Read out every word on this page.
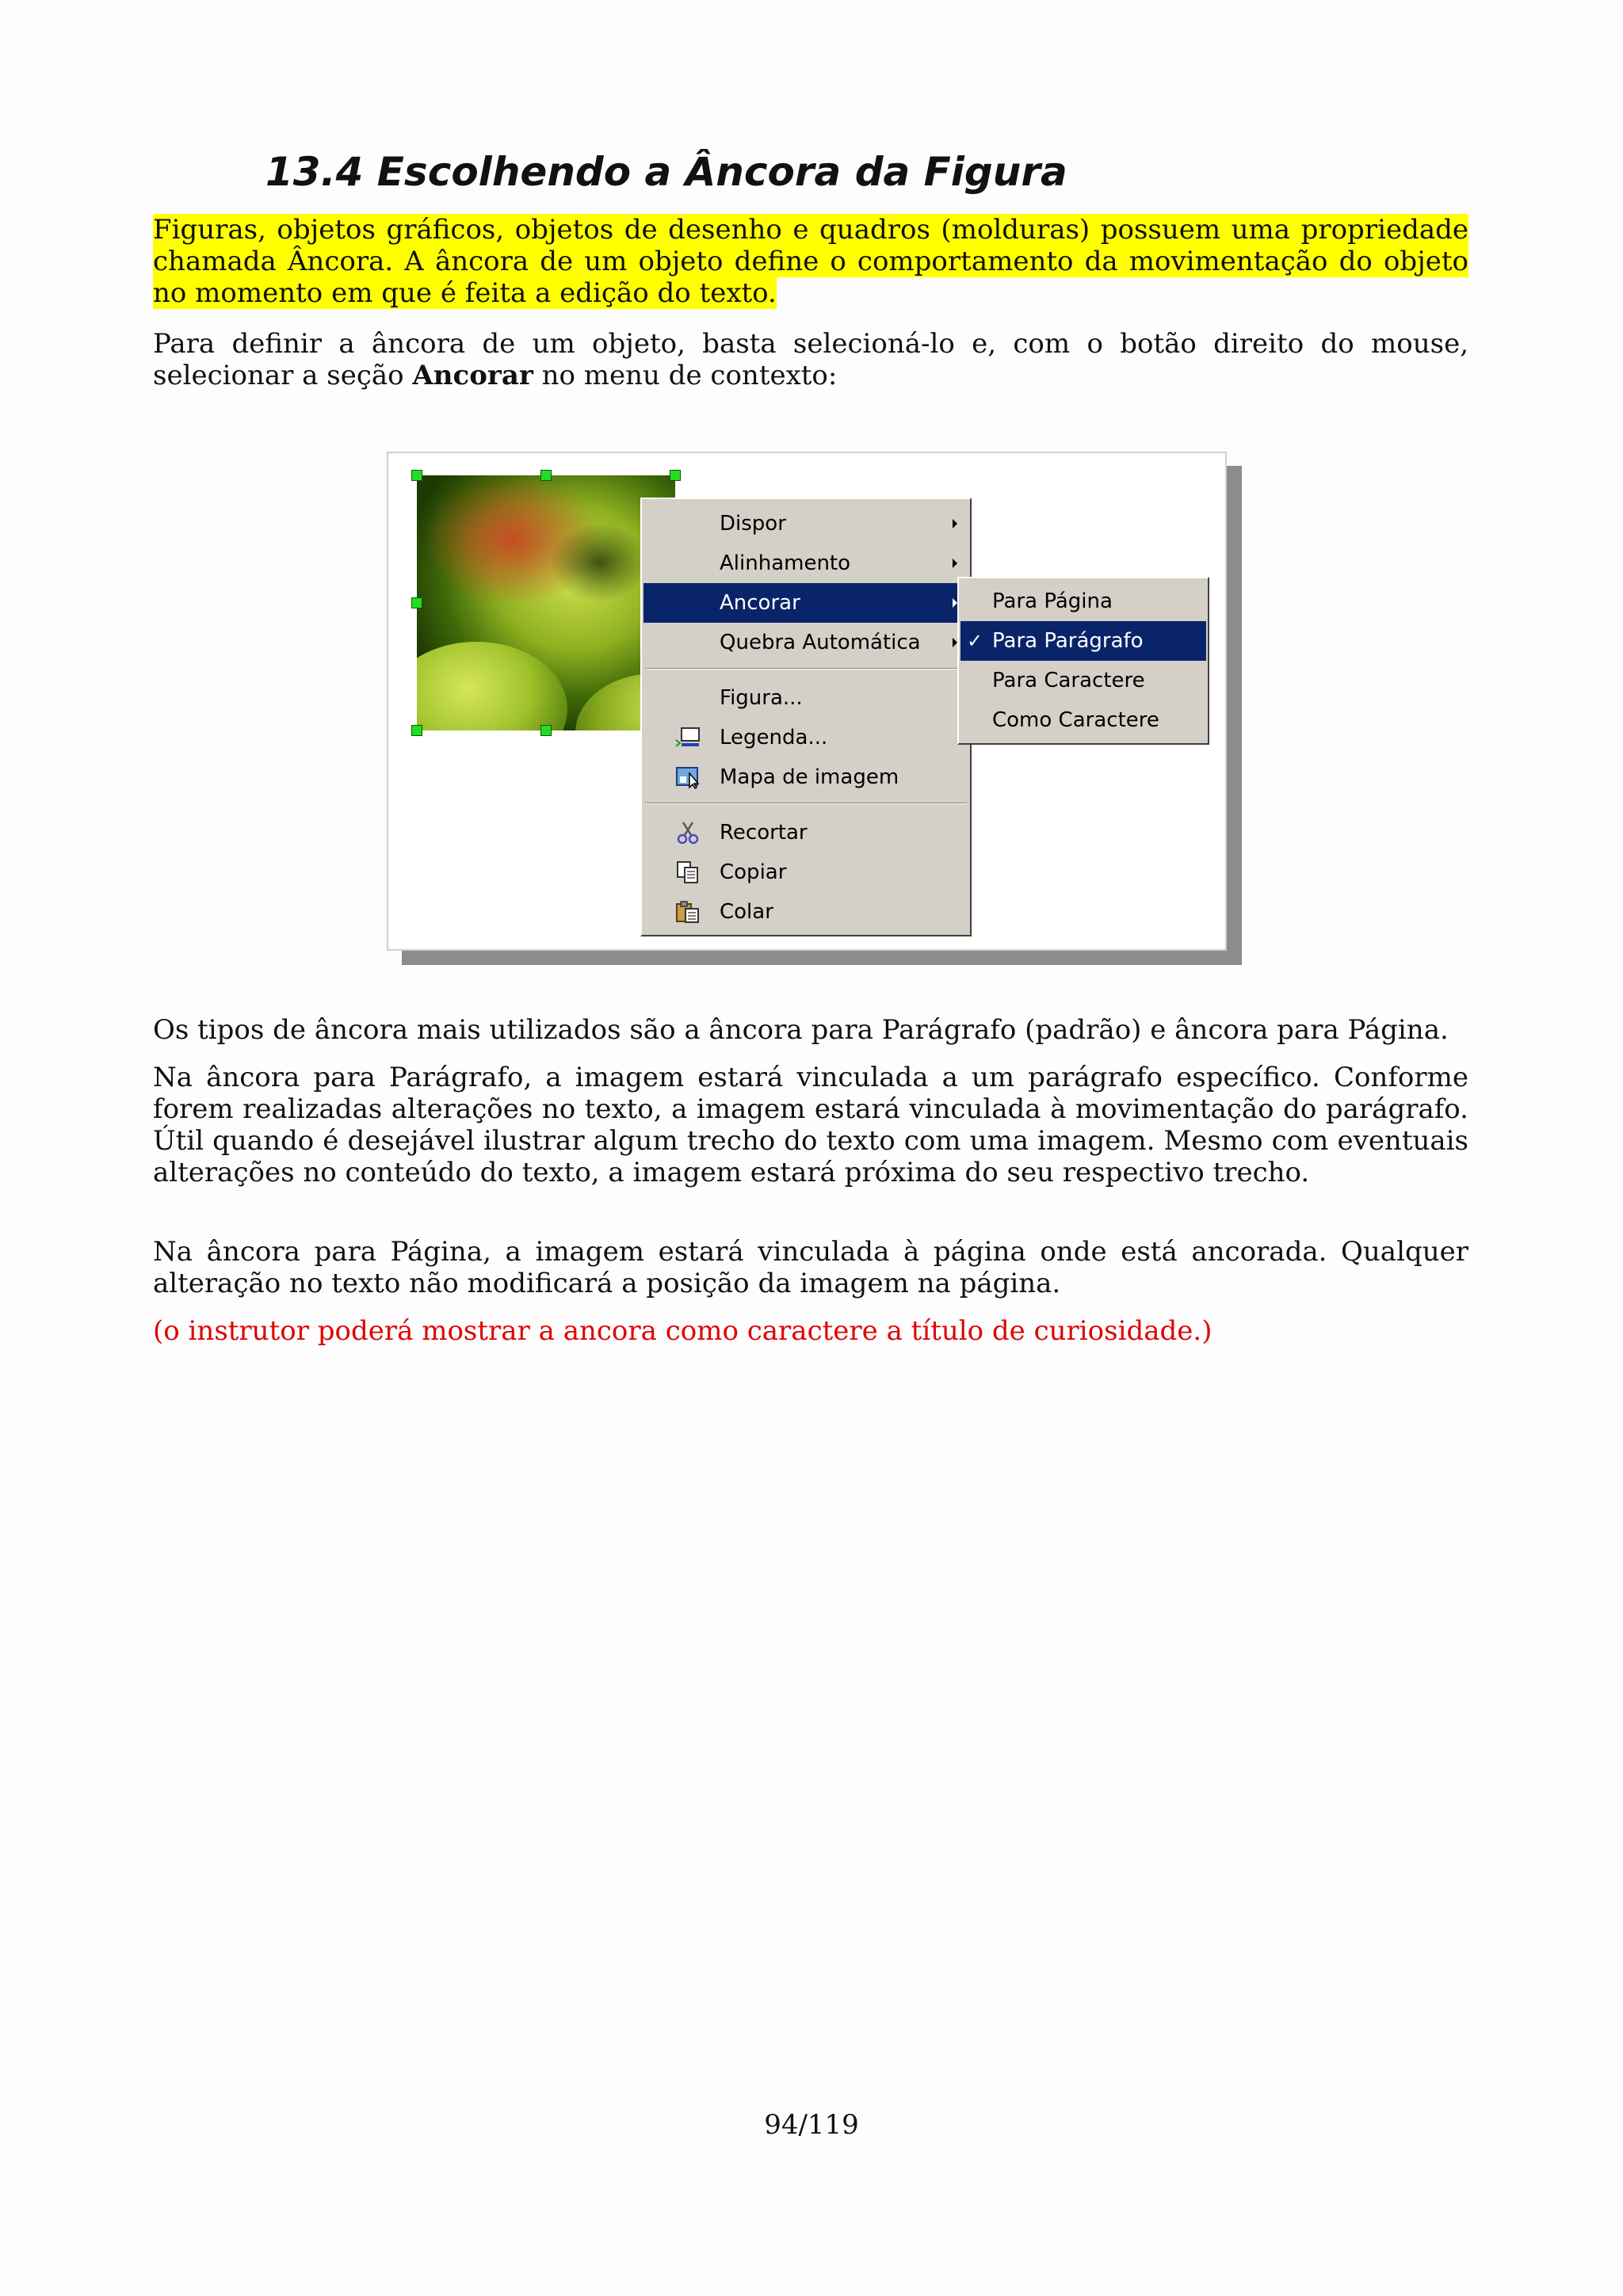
13.4 Escolhendo a Âncora da Figura

Figuras, objetos gráficos, objetos de desenho e quadros (molduras) possuem uma propriedade chamada Âncora. A âncora de um objeto define o comportamento da movimentação do objeto no momento em que é feita a edição do texto.

Para definir a âncora de um objeto, basta selecioná-lo e, com o botão direito do mouse, selecionar a seção Ancorar no menu de contexto:

Dispor
Alinhamento
Ancorar
Quebra Automática
Figura...
Legenda...
Mapa de imagem
Recortar
Copiar
Colar
Para Página
✓ Para Parágrafo
Para Caractere
Como Caractere

Os tipos de âncora mais utilizados são a âncora para Parágrafo (padrão) e âncora para Página.

Na âncora para Parágrafo, a imagem estará vinculada a um parágrafo específico. Conforme forem realizadas alterações no texto, a imagem estará vinculada à movimentação do parágrafo. Útil quando é desejável ilustrar algum trecho do texto com uma imagem. Mesmo com eventuais alterações no conteúdo do texto, a imagem estará próxima do seu respectivo trecho.

Na âncora para Página, a imagem estará vinculada à página onde está ancorada. Qualquer alteração no texto não modificará a posição da imagem na página.

(o instrutor poderá mostrar a ancora como caractere a título de curiosidade.)

94/119
